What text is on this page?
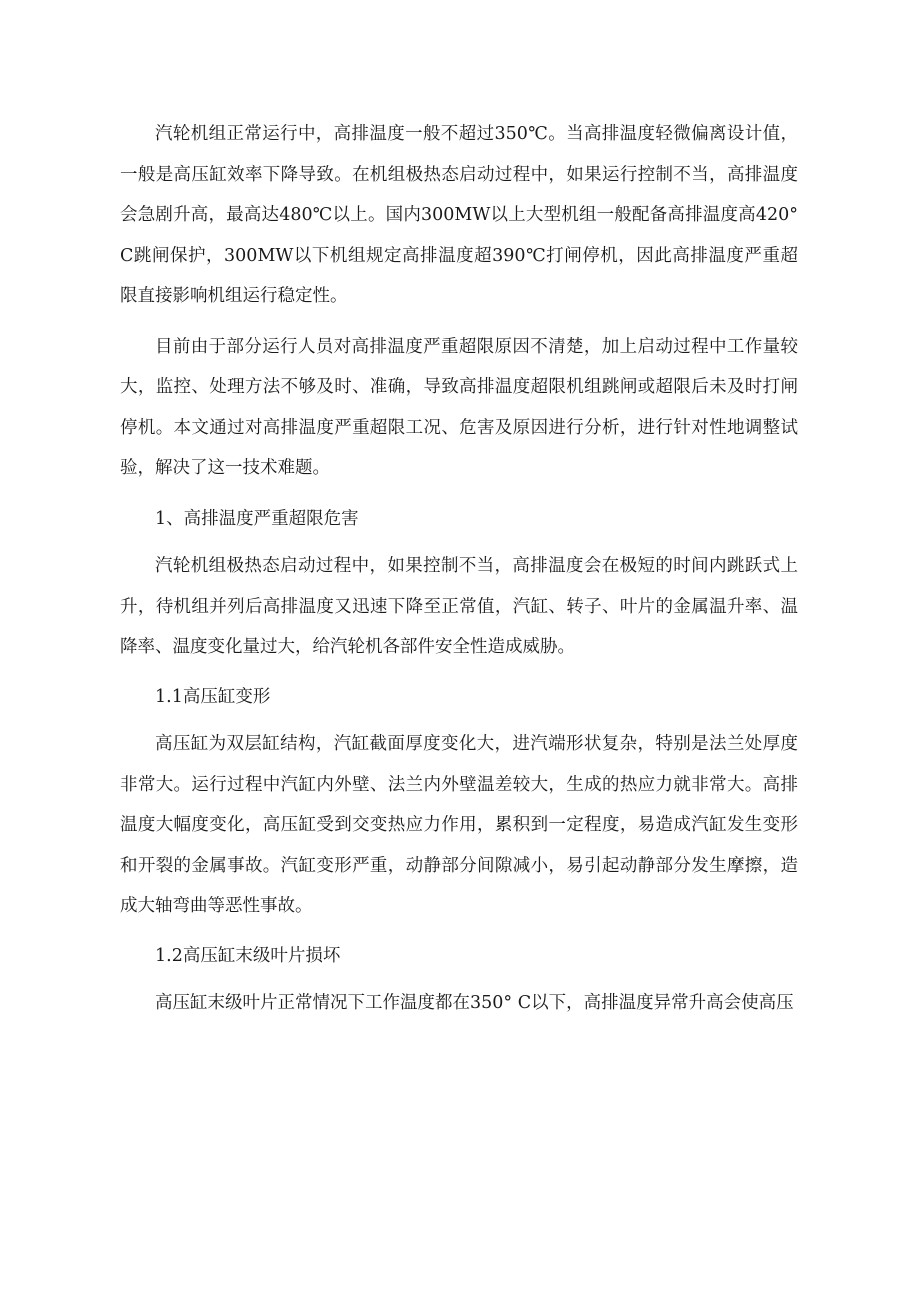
汽轮机组正常运行中，高排温度一般不超过350℃。当高排温度轻微偏离设计值，一般是高压缸效率下降导致。在机组极热态启动过程中，如果运行控制不当，高排温度会急剧升高，最高达480℃以上。国内300MW以上大型机组一般配备高排温度高420° C跳闸保护，300MW以下机组规定高排温度超390℃打闸停机，因此高排温度严重超限直接影响机组运行稳定性。

目前由于部分运行人员对高排温度严重超限原因不清楚，加上启动过程中工作量较大，监控、处理方法不够及时、准确，导致高排温度超限机组跳闸或超限后未及时打闸停机。本文通过对高排温度严重超限工况、危害及原因进行分析，进行针对性地调整试验，解决了这一技术难题。

1、高排温度严重超限危害

汽轮机组极热态启动过程中，如果控制不当，高排温度会在极短的时间内跳跃式上升，待机组并列后高排温度又迅速下降至正常值，汽缸、转子、叶片的金属温升率、温降率、温度变化量过大，给汽轮机各部件安全性造成威胁。

1.1高压缸变形

高压缸为双层缸结构，汽缸截面厚度变化大，进汽端形状复杂，特别是法兰处厚度非常大。运行过程中汽缸内外壁、法兰内外壁温差较大，生成的热应力就非常大。高排温度大幅度变化，高压缸受到交变热应力作用，累积到一定程度，易造成汽缸发生变形和开裂的金属事故。汽缸变形严重，动静部分间隙减小，易引起动静部分发生摩擦，造成大轴弯曲等恶性事故。

1.2高压缸末级叶片损坏

高压缸末级叶片正常情况下工作温度都在350° C以下，高排温度异常升高会使高压
